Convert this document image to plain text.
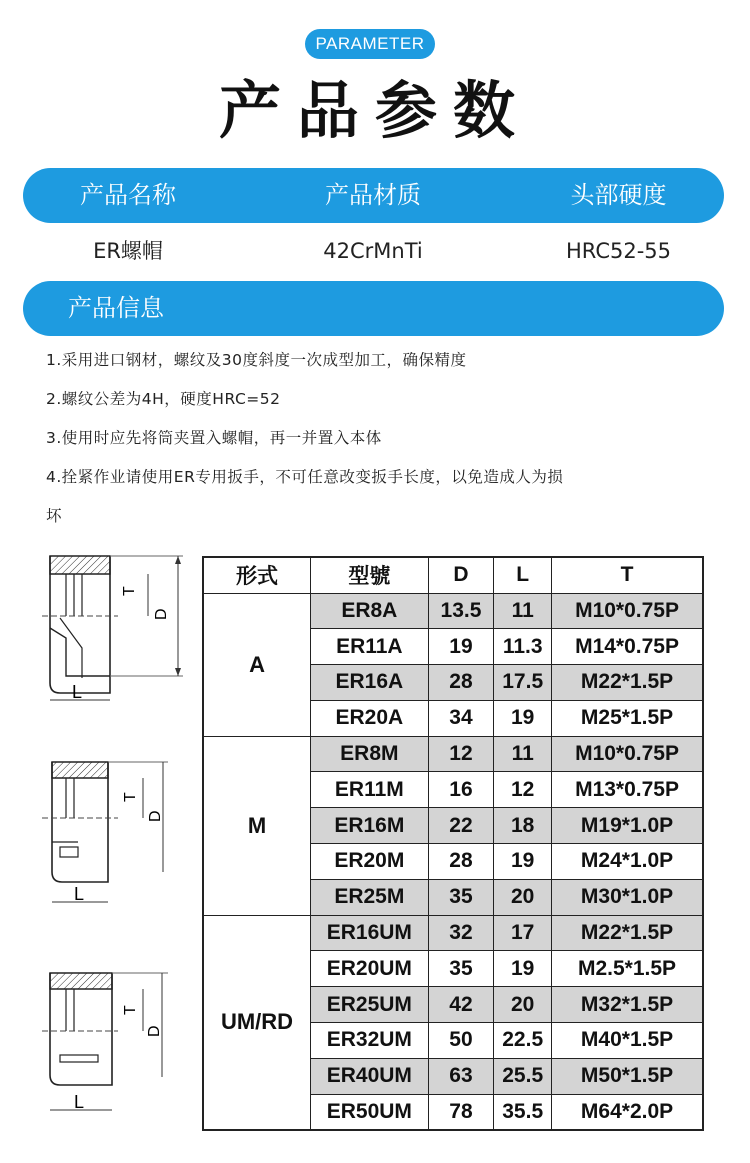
PARAMETER
产品参数
产品名称	产品材质	头部硬度
ER螺帽	42CrMnTi	HRC52-55
产品信息

1.采用进口钢材，螺纹及30度斜度一次成型加工，确保精度

2.螺纹公差为4H，硬度HRC=52

3.使用时应先将筒夹置入螺帽，再一并置入本体

4.拴紧作业请使用ER专用扳手，不可任意改变扳手长度，以免造成人为损

坏

T
D
L
T
D
L
T
D
L
形式	型號	D	L	T
A	ER8A	13.5	11	M10*0.75P
	ER11A	19	11.3	M14*0.75P
	ER16A	28	17.5	M22*1.5P
	ER20A	34	19	M25*1.5P
M	ER8M	12	11	M10*0.75P
	ER11M	16	12	M13*0.75P
	ER16M	22	18	M19*1.0P
	ER20M	28	19	M24*1.0P
	ER25M	35	20	M30*1.0P
UM/RD	ER16UM	32	17	M22*1.5P
	ER20UM	35	19	M2.5*1.5P
	ER25UM	42	20	M32*1.5P
	ER32UM	50	22.5	M40*1.5P
	ER40UM	63	25.5	M50*1.5P
	ER50UM	78	35.5	M64*2.0P
